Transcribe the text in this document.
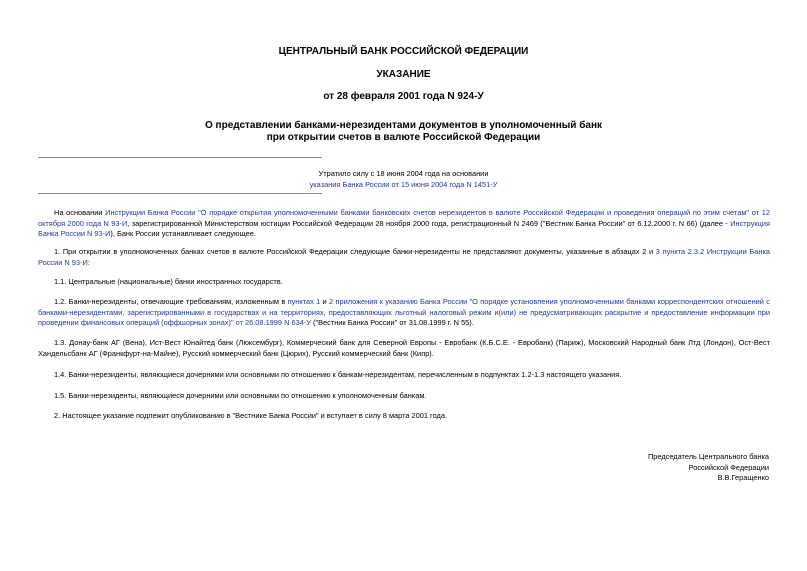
ЦЕНТРАЛЬНЫЙ БАНК РОССИЙСКОЙ ФЕДЕРАЦИИ
УКАЗАНИЕ
от 28 февраля 2001 года N 924-У
О представлении банками-нерезидентами документов в уполномоченный банк
при открытии счетов в валюте Российской Федерации
Утратило силу с 18 июня 2004 года на основании
указания Банка России от 15 июня 2004 года N 1451-У
На основании Инструкции Банка России "О порядке открытия уполномоченными банками банковских счетов нерезидентов в валюте Российской Федерации и проведения операций по этим счетам" от 12 октября 2000 года N 93-И, зарегистрированной Министерством юстиции Российской Федерации 28 ноября 2000 года, регистрационный N 2469 ("Вестник Банка России" от 6.12.2000 г. N 66) (далее - Инструкция Банка России N 93-И), Банк России устанавливает следующее.
1. При открытии в уполномоченных банках счетов в валюте Российской Федерации следующие банки-нерезиденты не представляют документы, указанные в абзацах 2 и 3 пункта 2.3.2 Инструкции Банка России N 93-И:
1.1. Центральные (национальные) банки иностранных государств.
1.2. Банки-нерезиденты, отвечающие требованиям, изложенным в пунктах 1 и 2 приложения к указанию Банка России "О порядке установления уполномоченными банками корреспондентских отношений с банками-нерезидентами, зарегистрированными в государствах и на территориях, предоставляющих льготный налоговый режим и(или) не предусматривающих раскрытие и предоставление информации при проведении финансовых операций (оффшорных зонах)" от 26.08.1999 N 634-У ("Вестник Банка России" от 31.08.1999 г. N 55).
1.3. Донау-банк АГ (Вена), Ист-Вест Юнайтед банк (Люксембург), Коммерческий банк для Северной Европы - Евробанк (К.Б.С.Е. - Евробанк) (Париж), Московский Народный банк Лтд (Лондон), Ост-Вест Хандельсбанк АГ (Франкфурт-на-Майне), Русский коммерческий банк (Цюрих), Русский коммерческий банк (Кипр).
1.4. Банки-нерезиденты, являющиеся дочерними или основными по отношению к банкам-нерезидентам, перечисленным в подпунктах 1.2-1.3 настоящего указания.
1.5. Банки-нерезиденты, являющиеся дочерними или основными по отношению к уполномоченным банкам.
2. Настоящее указание подлежит опубликованию в "Вестнике Банка России" и вступает в силу 8 марта 2001 года.
Председатель Центрального банка
Российской Федерации
В.В.Геращенко
